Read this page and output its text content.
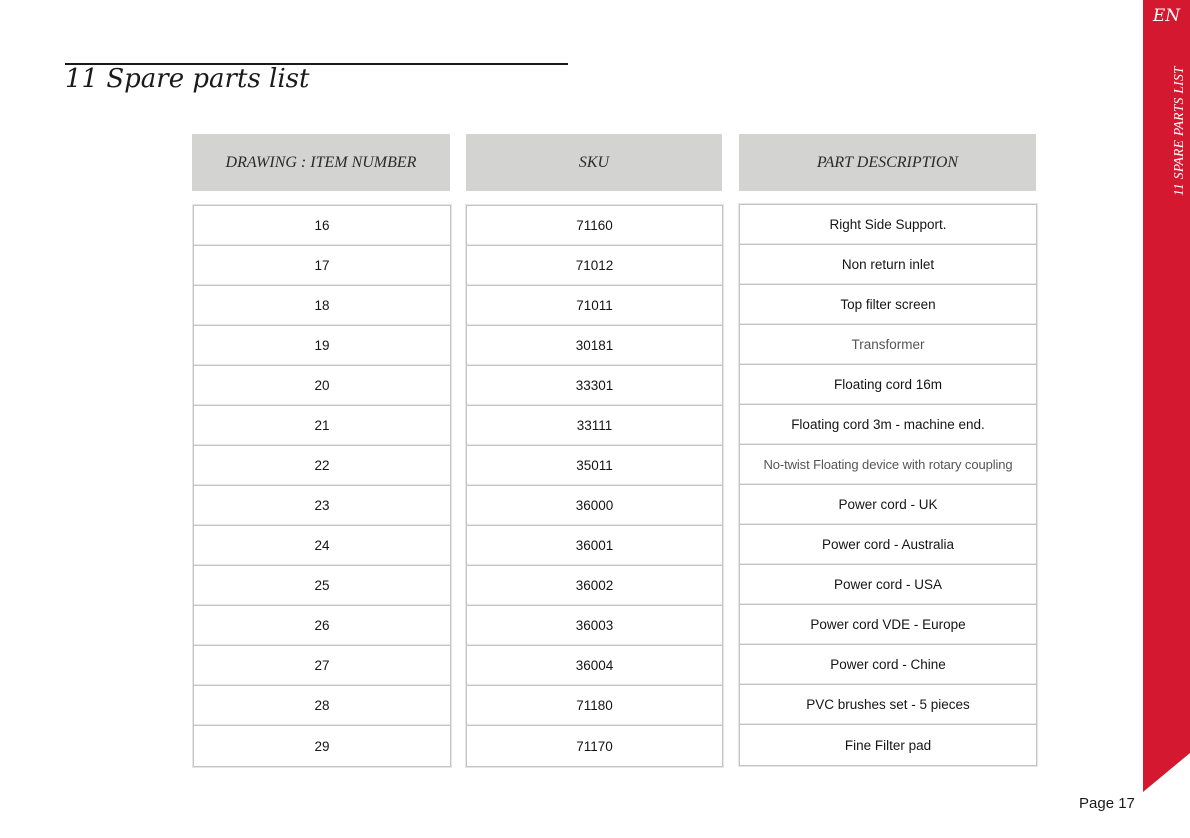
11 Spare parts list
DRAWING : ITEM NUMBER	SKU	PART DESCRIPTION
16
17
18
19
20
21
22
23
24
25
26
27
28
29
71160
71012
71011
30181
33301
33111
35011
36000
36001
36002
36003
36004
71180
71170
Right Side Support.
Non return inlet
Top filter screen
Transformer
Floating cord 16m
Floating cord 3m - machine end.
No-twist Floating device with rotary coupling
Power cord - UK
Power cord - Australia
Power cord - USA
Power cord VDE - Europe
Power cord - Chine
PVC brushes set - 5 pieces
Fine Filter pad
EN
11 SPARE PARTS LIST
Page 17
